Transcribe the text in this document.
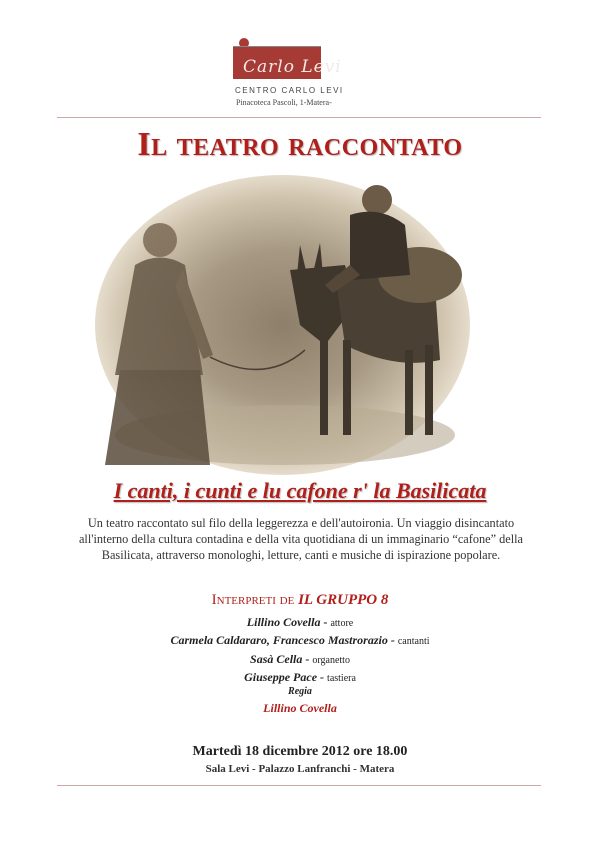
Carlo Levi
CENTRO CARLO LEVI
Pinacoteca Pascoli, 1-Matera-
Il teatro raccontato
I canti, i cunti e lu cafone r' la Basilicata
Un teatro raccontato sul filo della leggerezza e dell'autoironia. Un viaggio disincantato all'interno della cultura contadina e della vita quotidiana di un immaginario “cafone” della Basilicata, attraverso monologhi, letture, canti e musiche di ispirazione popolare.
Interpreti de IL GRUPPO 8
Lillino Covella - attore
Carmela Caldararo, Francesco Mastrorazio - cantanti
Sasà Cella - organetto
Giuseppe Pace - tastiera
Regia
Lillino Covella
Martedì 18 dicembre 2012 ore 18.00
Sala Levi - Palazzo Lanfranchi - Matera
